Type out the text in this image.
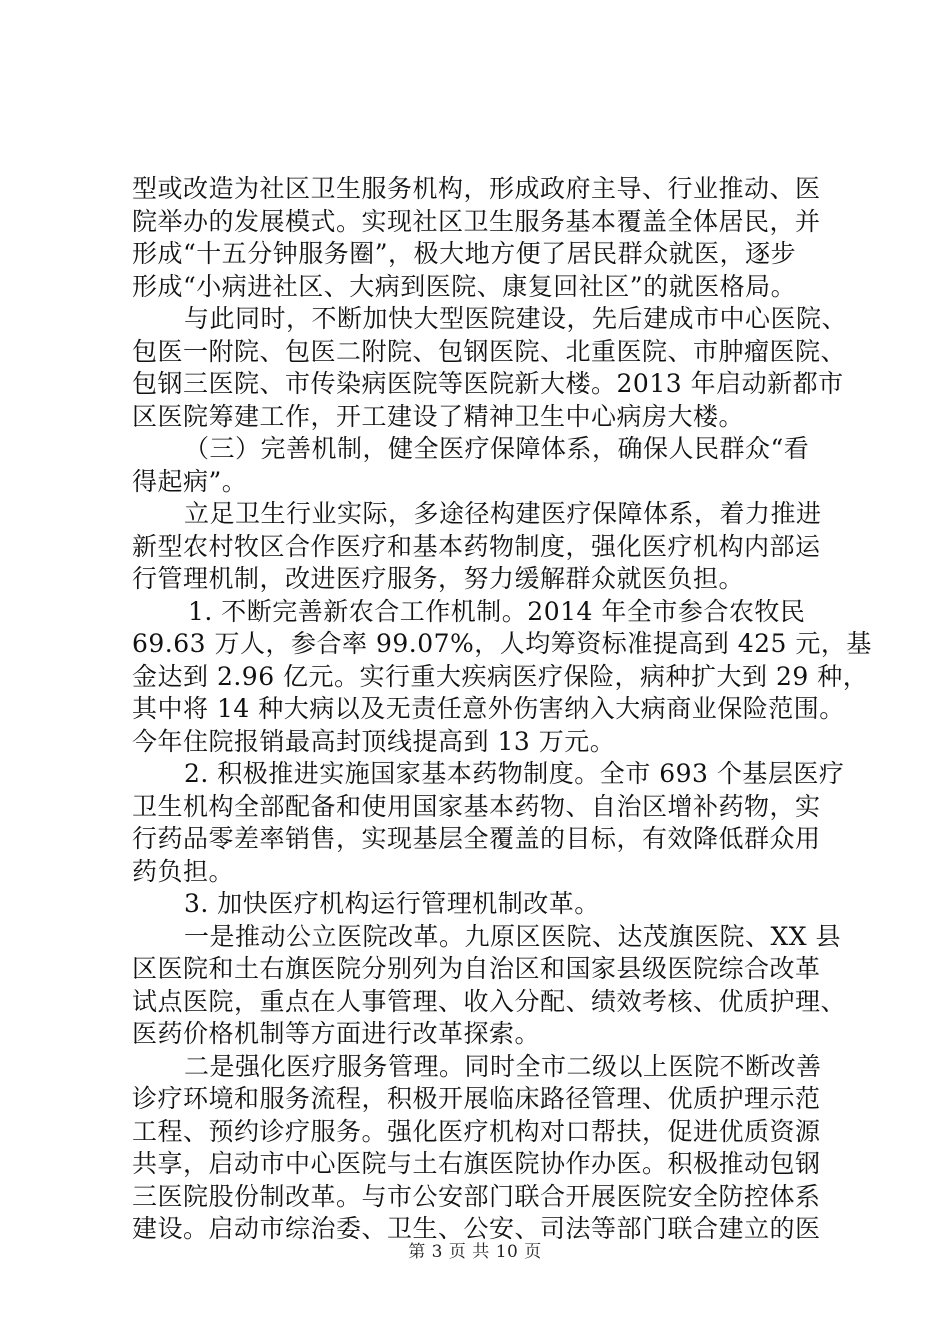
型或改造为社区卫生服务机构，形成政府主导、行业推动、医
院举办的发展模式。实现社区卫生服务基本覆盖全体居民，并
形成“十五分钟服务圈”，极大地方便了居民群众就医，逐步
形成“小病进社区、大病到医院、康复回社区”的就医格局。
与此同时，不断加快大型医院建设，先后建成市中心医院、
包医一附院、包医二附院、包钢医院、北重医院、市肿瘤医院、
包钢三医院、市传染病医院等医院新大楼。2013 年启动新都市
区医院筹建工作，开工建设了精神卫生中心病房大楼。
（三）完善机制，健全医疗保障体系，确保人民群众“看
得起病”。
立足卫生行业实际，多途径构建医疗保障体系，着力推进
新型农村牧区合作医疗和基本药物制度，强化医疗机构内部运
行管理机制，改进医疗服务，努力缓解群众就医负担。
1. 不断完善新农合工作机制。2014 年全市参合农牧民
69.63 万人，参合率 99.07%，人均筹资标准提高到 425 元，基
金达到 2.96 亿元。实行重大疾病医疗保险，病种扩大到 29 种，
其中将 14 种大病以及无责任意外伤害纳入大病商业保险范围。
今年住院报销最高封顶线提高到 13 万元。
2. 积极推进实施国家基本药物制度。全市 693 个基层医疗
卫生机构全部配备和使用国家基本药物、自治区增补药物，实
行药品零差率销售，实现基层全覆盖的目标，有效降低群众用
药负担。
3. 加快医疗机构运行管理机制改革。
一是推动公立医院改革。九原区医院、达茂旗医院、XX 县
区医院和土右旗医院分别列为自治区和国家县级医院综合改革
试点医院，重点在人事管理、收入分配、绩效考核、优质护理、
医药价格机制等方面进行改革探索。
二是强化医疗服务管理。同时全市二级以上医院不断改善
诊疗环境和服务流程，积极开展临床路径管理、优质护理示范
工程、预约诊疗服务。强化医疗机构对口帮扶，促进优质资源
共享，启动市中心医院与土右旗医院协作办医。积极推动包钢
三医院股份制改革。与市公安部门联合开展医院安全防控体系
建设。启动市综治委、卫生、公安、司法等部门联合建立的医
第 3 页 共 10 页
